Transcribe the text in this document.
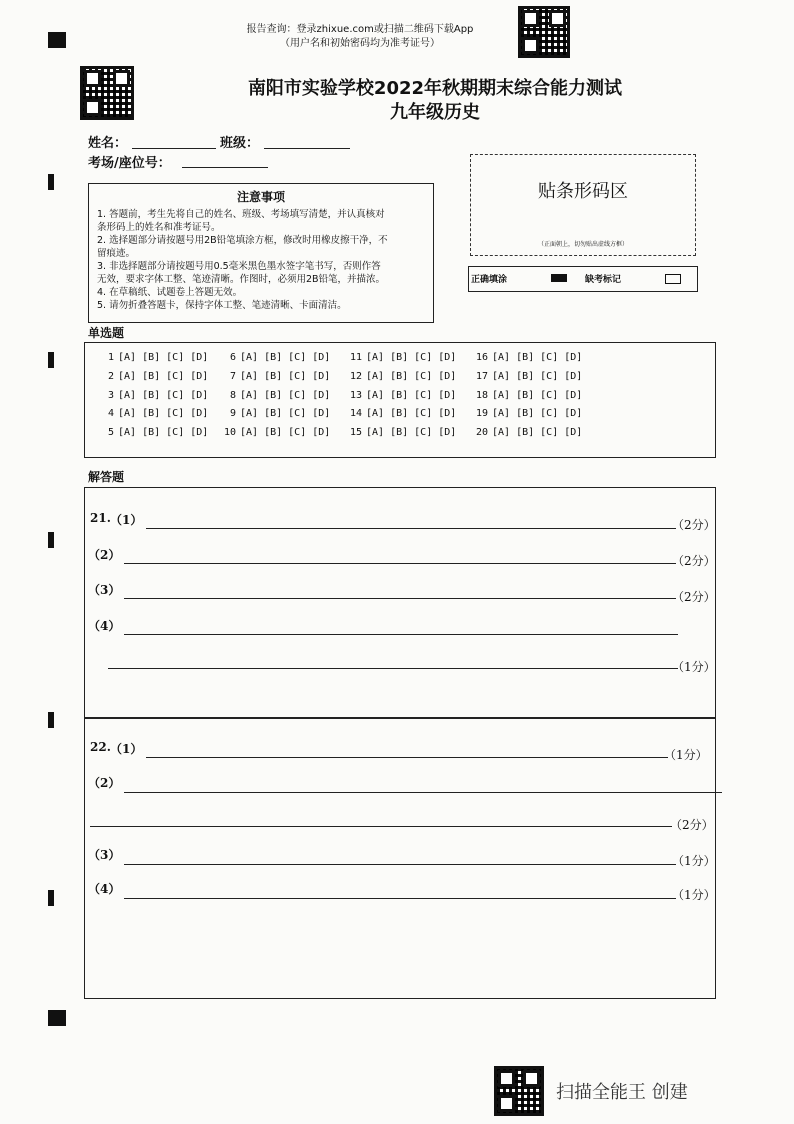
报告查询：登录zhixue.com或扫描二维码下载App
（用户名和初始密码均为准考证号）
南阳市实验学校2022年秋期期末综合能力测试
九年级历史
姓名：	班级：
考场/座位号：
贴条形码区
（正面朝上，切勿贴出虚线方框）
正确填涂	缺考标记
注意事项
1. 答题前，考生先将自己的姓名、班级、考场填写清楚，并认真核对
条形码上的姓名和准考证号。
2. 选择题部分请按题号用2B铅笔填涂方框，修改时用橡皮擦干净，不
留痕迹。
3. 非选择题部分请按题号用0.5毫米黑色墨水签字笔书写，否则作答
无效，要求字体工整、笔迹清晰。作图时，必须用2B铅笔，并描浓。
4. 在草稿纸、试题卷上答题无效。
5. 请勿折叠答题卡，保持字体工整、笔迹清晰、卡面清洁。
单选题
1 [A] [B] [C] [D]
2 [A] [B] [C] [D]
3 [A] [B] [C] [D]
4 [A] [B] [C] [D]
5 [A] [B] [C] [D]
6 [A] [B] [C] [D]
7 [A] [B] [C] [D]
8 [A] [B] [C] [D]
9 [A] [B] [C] [D]
10 [A] [B] [C] [D]
11 [A] [B] [C] [D]
12 [A] [B] [C] [D]
13 [A] [B] [C] [D]
14 [A] [B] [C] [D]
15 [A] [B] [C] [D]
16 [A] [B] [C] [D]
17 [A] [B] [C] [D]
18 [A] [B] [C] [D]
19 [A] [B] [C] [D]
20 [A] [B] [C] [D]
解答题
21. （1）	（2分）
（2）	（2分）
（3）	（2分）
（4）
（1分）
22. （1）	（1分）
（2）
（2分）
（3）	（1分）
（4）	（1分）
扫描全能王 创建
